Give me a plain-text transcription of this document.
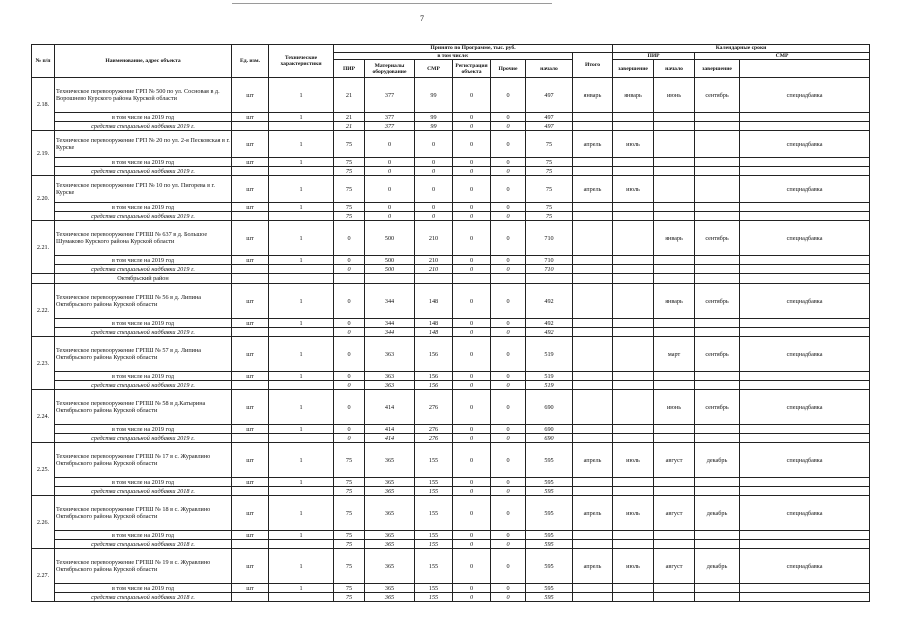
7
№ п/п	Наименование, адрес объекта	Ед. изм.	Технические характеристики	Принято по Программе, тыс. руб.							Календарные сроки	
				в том числе:						Итого	ПИР		СМР		
				ПИР	Материалы оборудование	СМР	Регистрация объекта	Прочие	начало		завершение	начало	завершение		

2.18.	Техническое перевооружение ГРП № 500 по ул. Сосновая в д. Ворошнево Курского района Курской области	шт	1	21	377	99	0	0	497	январь	январь	июнь	сентябрь	спецнадбавка	
	в том числе на 2019 год	шт	1	21	377	99	0	0	497						
	средства специальной надбавки 2019 г.			21	377	99	0	0	497						
2.19.	Техническое перевооружение ГРП № 20 по ул. 2-я Песковская в г. Курске	шт	1	75	0	0	0	0	75	апрель	июль			спецнадбавка	
	в том числе на 2019 год	шт	1	75	0	0	0	0	75						
	средства специальной надбавки 2019 г.			75	0	0	0	0	75						
2.20.	Техническое перевооружение ГРП № 10 по ул. Пигорева в г. Курске	шт	1	75	0	0	0	0	75	апрель	июль			спецнадбавка	
	в том числе на 2019 год	шт	1	75	0	0	0	0	75						
	средства специальной надбавки 2019 г.			75	0	0	0	0	75						
2.21.	Техническое перевооружение ГРПШ № 637 в д. Большое Шумаково Курского района Курской области	шт	1	0	500	210	0	0	710			январь	сентябрь	спецнадбавка	
	в том числе на 2019 год	шт	1	0	500	210	0	0	710						
	средства специальной надбавки 2019 г.			0	500	210	0	0	710						
	Октябрьский район														
2.22.	Техническое перевооружение ГРПШ № 56 в д. Липина Октябрьского района Курской области	шт	1	0	344	148	0	0	492			январь	сентябрь	спецнадбавка	
	в том числе на 2019 год	шт	1	0	344	148	0	0	492						
	средства специальной надбавки 2019 г.			0	344	148	0	0	492						
2.23.	Техническое перевооружение ГРПШ № 57 в д. Липина Октябрьского района Курской области	шт	1	0	363	156	0	0	519			март	сентябрь	спецнадбавка	
	в том числе на 2019 год	шт	1	0	363	156	0	0	519						
	средства специальной надбавки 2019 г.			0	363	156	0	0	519						
2.24.	Техническое перевооружение ГРПШ № 58 в д.Катырина Октябрьского района Курской области	шт	1	0	414	276	0	0	690			июнь	сентябрь	спецнадбавка	
	в том числе на 2019 год	шт	1	0	414	276	0	0	690						
	средства специальной надбавки 2019 г.			0	414	276	0	0	690						
2.25.	Техническое перевооружение ГРПШ № 17 в с. Журавлино Октябрьского района Курской области	шт	1	75	365	155	0	0	595	апрель	июль	август	декабрь	спецнадбавка	
	в том числе на 2019 год	шт	1	75	365	155	0	0	595						
	средства специальной надбавки 2018 г.			75	365	155	0	0	595						
2.26.	Техническое перевооружение ГРПШ № 18 в с. Журавлино Октябрьского района Курской области	шт	1	75	365	155	0	0	595	апрель	июль	август	декабрь	спецнадбавка	
	в том числе на 2019 год	шт	1	75	365	155	0	0	595						
	средства специальной надбавки 2018 г.			75	365	155	0	0	595						
2.27.	Техническое перевооружение ГРПШ № 19 в с. Журавлино Октябрьского района Курской области	шт	1	75	365	155	0	0	595	апрель	июль	август	декабрь	спецнадбавка	
	в том числе на 2019 год	шт	1	75	365	155	0	0	595						
	средства специальной надбавки 2018 г.			75	365	155	0	0	595						
